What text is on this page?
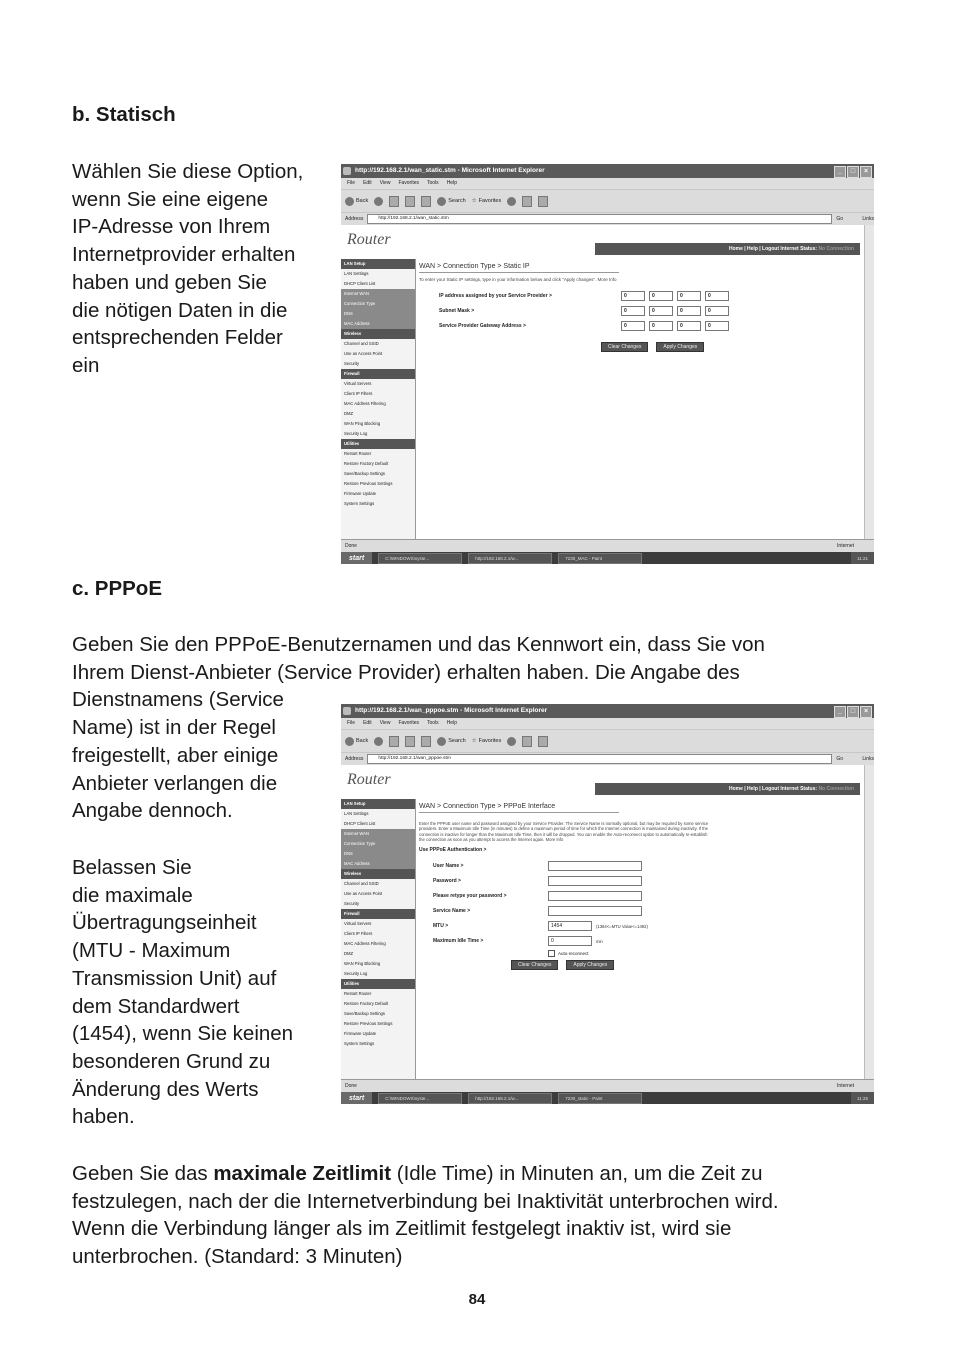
b. Statisch
Wählen Sie diese Option,
wenn Sie eine eigene
IP-Adresse von Ihrem
Internetprovider erhalten
haben und geben Sie
die nötigen Daten in die
entsprechenden Felder
ein
http://192.168.2.1/wan_static.stm - Microsoft Internet Explorer	_	□	×
File Edit View Favorites Tools Help
Back	Search ☆ Favorites
Address	http://192.168.2.1/wan_static.stm	Go	Links
Router
Home | Help | Logout Internet Status: No Connection
LAN Setup
LAN Settings
DHCP Client List
Internet WAN
Connection Type
DNS
MAC Address
Wireless
Channel and SSID
Use as Access Point
Security
Firewall
Virtual Servers
Client IP Filters
MAC Address Filtering
DMZ
WAN Ping Blocking
Security Log
Utilities
Restart Router
Restore Factory Default
Save/Backup Settings
Restore Previous Settings
Firmware Update
System Settings
WAN > Connection Type > Static IP
To enter your Static IP settings, type in your information below and click "Apply changes". More Info
IP address assigned by your Service Provider >	0	0	0	0
Subnet Mask >	0	0	0	0
Service Provider Gateway Address >	0	0	0	0
Clear Changes	Apply Changes
Done	Internet
start	C:\WINDOWS\syste...	http://192.168.2.1/w...	7230_MAC - Paint	11:21
c. PPPoE
Geben Sie den PPPoE-Benutzernamen und das Kennwort ein, dass Sie von
Ihrem Dienst-Anbieter (Service Provider) erhalten haben. Die Angabe des
Dienstnamens (Service
Name) ist in der Regel
freigestellt, aber einige
Anbieter verlangen die
Angabe dennoch.
Belassen Sie
die maximale
Übertragungseinheit
(MTU - Maximum
Transmission Unit) auf
dem Standardwert
(1454), wenn Sie keinen
besonderen Grund zu
Änderung des Werts
haben.
Geben Sie das maximale Zeitlimit (Idle Time) in Minuten an, um die Zeit zu
festzulegen, nach der die Internetverbindung bei Inaktivität unterbrochen wird.
Wenn die Verbindung länger als im Zeitlimit festgelegt inaktiv ist, wird sie
unterbrochen. (Standard: 3 Minuten)
http://192.168.2.1/wan_pppoe.stm - Microsoft Internet Explorer	_	□	×
File Edit View Favorites Tools Help
Back	Search ☆ Favorites
Address	http://192.168.2.1/wan_pppoe.stm	Go	Links
Router
Home | Help | Logout Internet Status: No Connection
LAN Setup
LAN Settings
DHCP Client List
Internet WAN
Connection Type
DNS
MAC Address
Wireless
Channel and SSID
Use as Access Point
Security
Firewall
Virtual Servers
Client IP Filters
MAC Address Filtering
DMZ
WAN Ping Blocking
Security Log
Utilities
Restart Router
Restore Factory Default
Save/Backup Settings
Restore Previous Settings
Firmware Update
System Settings
WAN > Connection Type > PPPoE Interface
Enter the PPPoE user name and password assigned by your Service Provider. The Service Name is normally optional, but may be required by some service providers. Enter a Maximum Idle Time (in minutes) to define a maximum period of time for which the Internet connection is maintained during inactivity. If the connection is inactive for longer than the Maximum Idle Time, then it will be dropped. You can enable the Auto-reconnect option to automatically re-establish the connection as soon as you attempt to access the Internet again. More Info
Use PPPoE Authentication >
User Name >
Password >
Please retype your password >
Service Name >
MTU >	1454	(1364<=MTU Value<=1492)
Maximum Idle Time >	0	min
Auto-reconnect
Clear Changes	Apply Changes
Done	Internet
start	C:\WINDOWS\syste...	http://192.168.2.1/w...	7230_static - Paint	11:25
84
